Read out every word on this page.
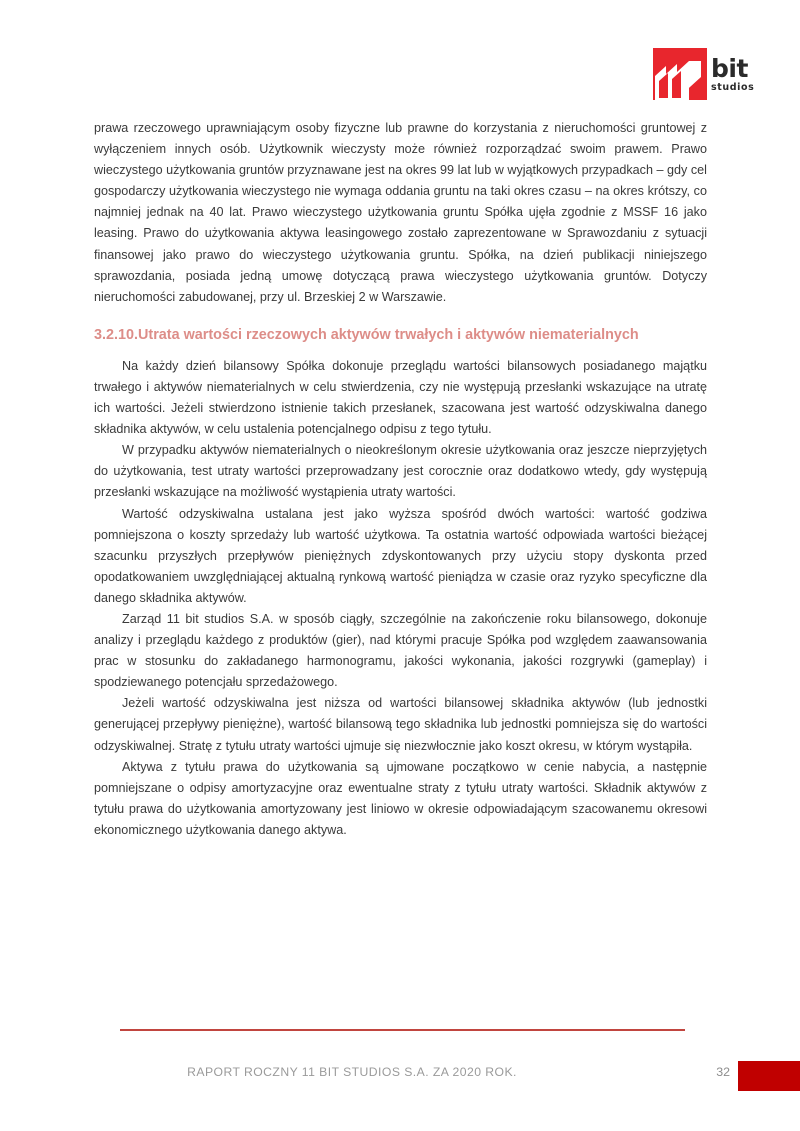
bit
studios

prawa rzeczowego uprawniającym osoby fizyczne lub prawne do korzystania z nieruchomości gruntowej z wyłączeniem innych osób. Użytkownik wieczysty może również rozporządzać swoim prawem. Prawo wieczystego użytkowania gruntów przyznawane jest na okres 99 lat lub w wyjątkowych przypadkach – gdy cel gospodarczy użytkowania wieczystego nie wymaga oddania gruntu na taki okres czasu – na okres krótszy, co najmniej jednak na 40 lat. Prawo wieczystego użytkowania gruntu Spółka ujęła zgodnie z MSSF 16 jako leasing. Prawo do użytkowania aktywa leasingowego zostało zaprezentowane w Sprawozdaniu z sytuacji finansowej jako prawo do wieczystego użytkowania gruntu. Spółka, na dzień publikacji niniejszego sprawozdania, posiada jedną umowę dotyczącą prawa wieczystego użytkowania gruntów. Dotyczy nieruchomości zabudowanej, przy ul. Brzeskiej 2 w Warszawie.

3.2.10.Utrata wartości rzeczowych aktywów trwałych i aktywów niematerialnych

Na każdy dzień bilansowy Spółka dokonuje przeglądu wartości bilansowych posiadanego majątku trwałego i aktywów niematerialnych w celu stwierdzenia, czy nie występują przesłanki wskazujące na utratę ich wartości. Jeżeli stwierdzono istnienie takich przesłanek, szacowana jest wartość odzyskiwalna danego składnika aktywów, w celu ustalenia potencjalnego odpisu z tego tytułu.

W przypadku aktywów niematerialnych o nieokreślonym okresie użytkowania oraz jeszcze nieprzyjętych do użytkowania, test utraty wartości przeprowadzany jest corocznie oraz dodatkowo wtedy, gdy występują przesłanki wskazujące na możliwość wystąpienia utraty wartości.

Wartość odzyskiwalna ustalana jest jako wyższa spośród dwóch wartości: wartość godziwa pomniejszona o koszty sprzedaży lub wartość użytkowa. Ta ostatnia wartość odpowiada wartości bieżącej szacunku przyszłych przepływów pieniężnych zdyskontowanych przy użyciu stopy dyskonta przed opodatkowaniem uwzględniającej aktualną rynkową wartość pieniądza w czasie oraz ryzyko specyficzne dla danego składnika aktywów.

Zarząd 11 bit studios S.A. w sposób ciągły, szczególnie na zakończenie roku bilansowego, dokonuje analizy i przeglądu każdego z produktów (gier), nad którymi pracuje Spółka pod względem zaawansowania prac w stosunku do zakładanego harmonogramu, jakości wykonania, jakości rozgrywki (gameplay) i spodziewanego potencjału sprzedażowego.

Jeżeli wartość odzyskiwalna jest niższa od wartości bilansowej składnika aktywów (lub jednostki generującej przepływy pieniężne), wartość bilansową tego składnika lub jednostki pomniejsza się do wartości odzyskiwalnej. Stratę z tytułu utraty wartości ujmuje się niezwłocznie jako koszt okresu, w którym wystąpiła.

Aktywa z tytułu prawa do użytkowania są ujmowane początkowo w cenie nabycia, a następnie pomniejszane o odpisy amortyzacyjne oraz ewentualne straty z tytułu utraty wartości. Składnik aktywów z tytułu prawa do użytkowania amortyzowany jest liniowo w okresie odpowiadającym szacowanemu okresowi ekonomicznego użytkowania danego aktywa.

RAPORT ROCZNY 11 BIT STUDIOS S.A. ZA 2020 ROK.	32
